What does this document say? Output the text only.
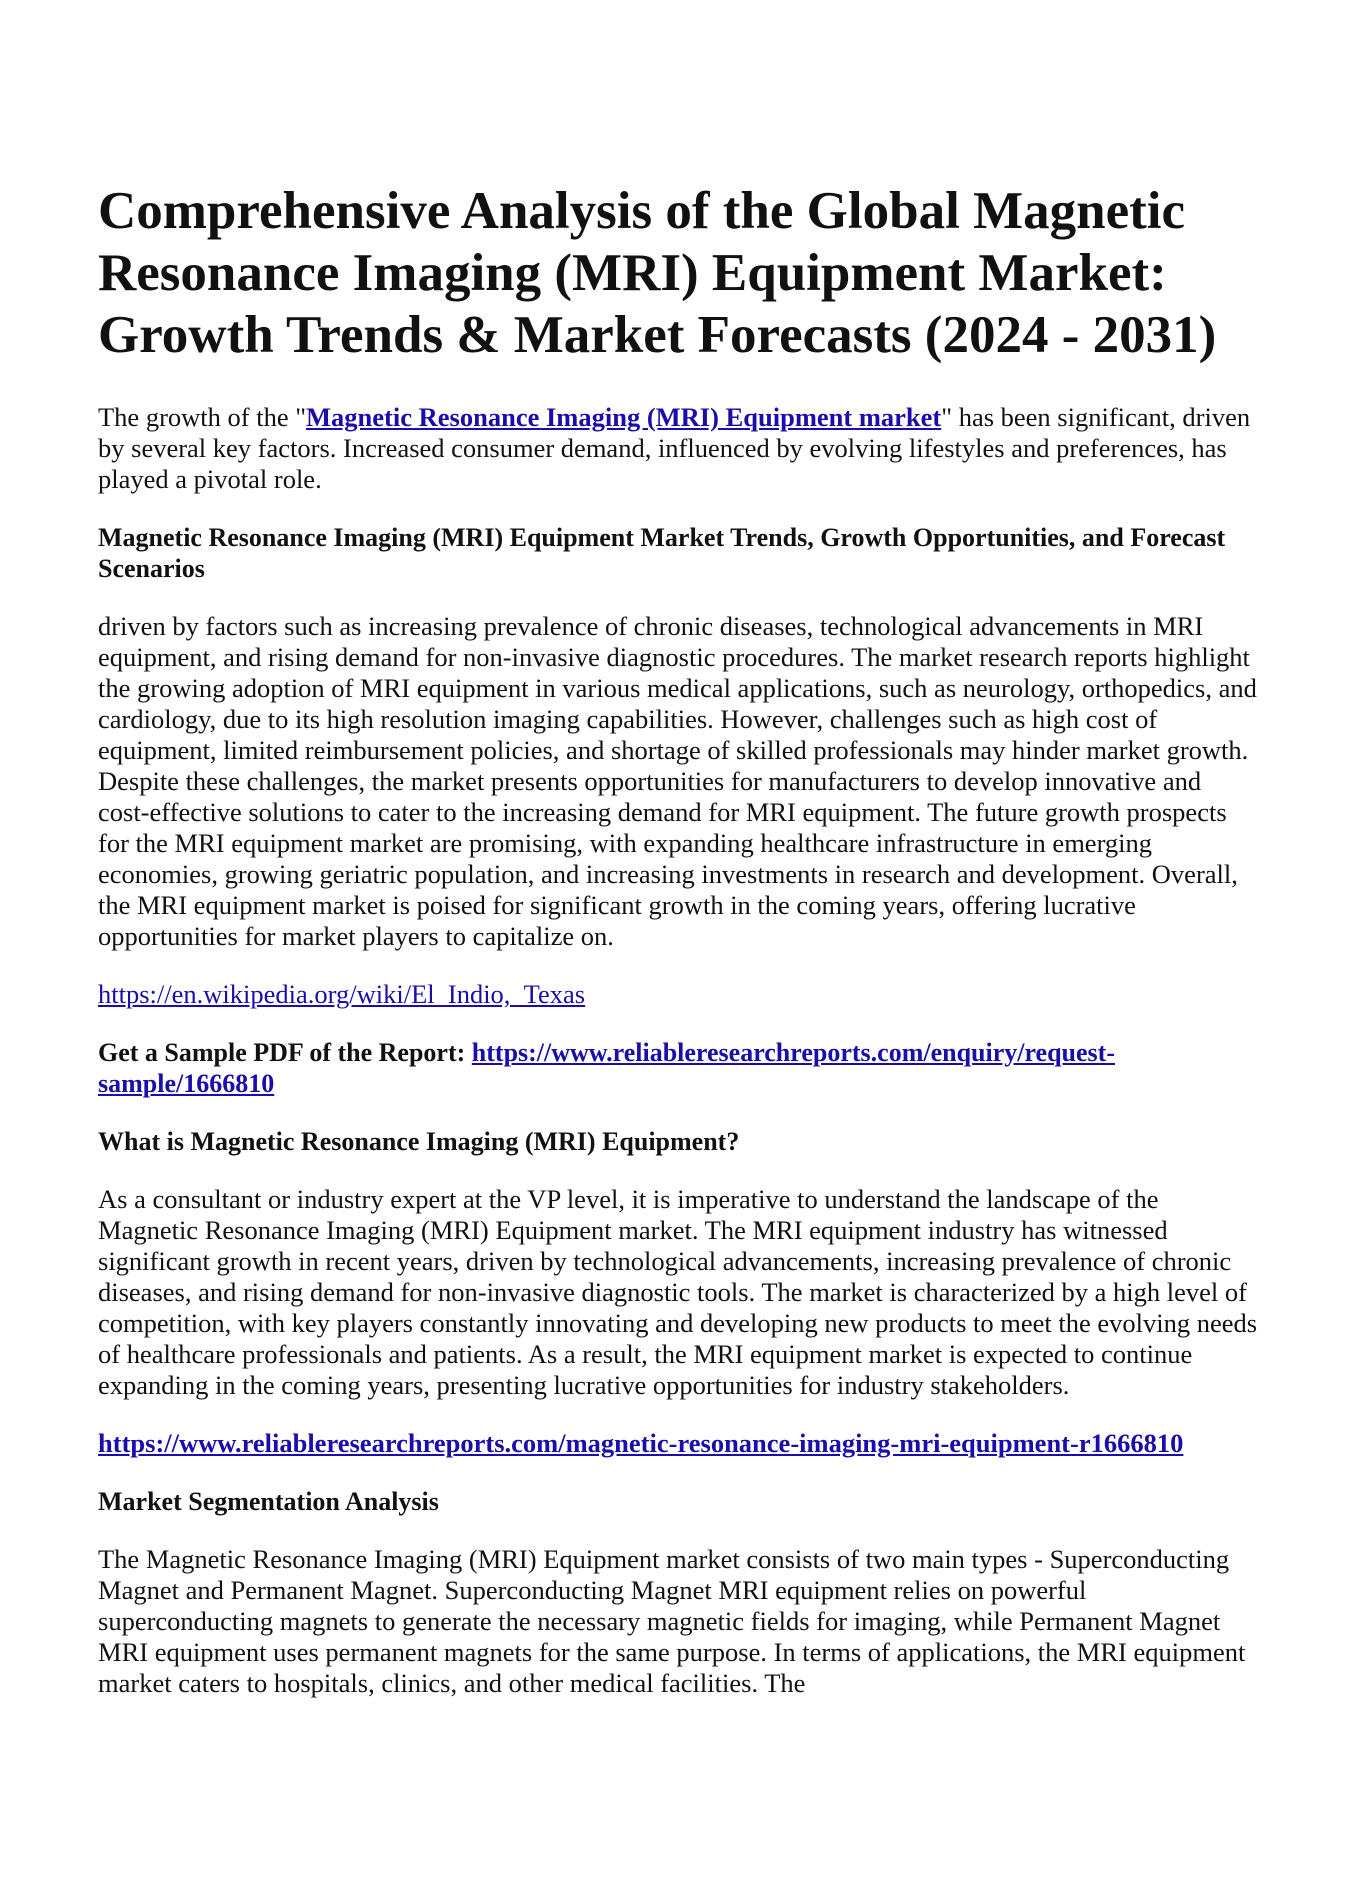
Comprehensive Analysis of the Global Magnetic Resonance Imaging (MRI) Equipment Market: Growth Trends & Market Forecasts (2024 - 2031)

The growth of the "Magnetic Resonance Imaging (MRI) Equipment market" has been significant, driven by several key factors. Increased consumer demand, influenced by evolving lifestyles and preferences, has played a pivotal role.

Magnetic Resonance Imaging (MRI) Equipment Market Trends, Growth Opportunities, and Forecast Scenarios

driven by factors such as increasing prevalence of chronic diseases, technological advancements in MRI equipment, and rising demand for non-invasive diagnostic procedures. The market research reports highlight the growing adoption of MRI equipment in various medical applications, such as neurology, orthopedics, and cardiology, due to its high resolution imaging capabilities. However, challenges such as high cost of equipment, limited reimbursement policies, and shortage of skilled professionals may hinder market growth. Despite these challenges, the market presents opportunities for manufacturers to develop innovative and cost-effective solutions to cater to the increasing demand for MRI equipment. The future growth prospects for the MRI equipment market are promising, with expanding healthcare infrastructure in emerging economies, growing geriatric population, and increasing investments in research and development. Overall, the MRI equipment market is poised for significant growth in the coming years, offering lucrative opportunities for market players to capitalize on.

https://en.wikipedia.org/wiki/El_Indio,_Texas
Get a Sample PDF of the Report: https://www.reliableresearchreports.com/enquiry/request-sample/1666810
What is Magnetic Resonance Imaging (MRI) Equipment?

As a consultant or industry expert at the VP level, it is imperative to understand the landscape of the Magnetic Resonance Imaging (MRI) Equipment market. The MRI equipment industry has witnessed significant growth in recent years, driven by technological advancements, increasing prevalence of chronic diseases, and rising demand for non-invasive diagnostic tools. The market is characterized by a high level of competition, with key players constantly innovating and developing new products to meet the evolving needs of healthcare professionals and patients. As a result, the MRI equipment market is expected to continue expanding in the coming years, presenting lucrative opportunities for industry stakeholders.

https://www.reliableresearchreports.com/magnetic-resonance-imaging-mri-equipment-r1666810
Market Segmentation Analysis

The Magnetic Resonance Imaging (MRI) Equipment market consists of two main types - Superconducting Magnet and Permanent Magnet. Superconducting Magnet MRI equipment relies on powerful superconducting magnets to generate the necessary magnetic fields for imaging, while Permanent Magnet MRI equipment uses permanent magnets for the same purpose. In terms of applications, the MRI equipment market caters to hospitals, clinics, and other medical facilities. The
